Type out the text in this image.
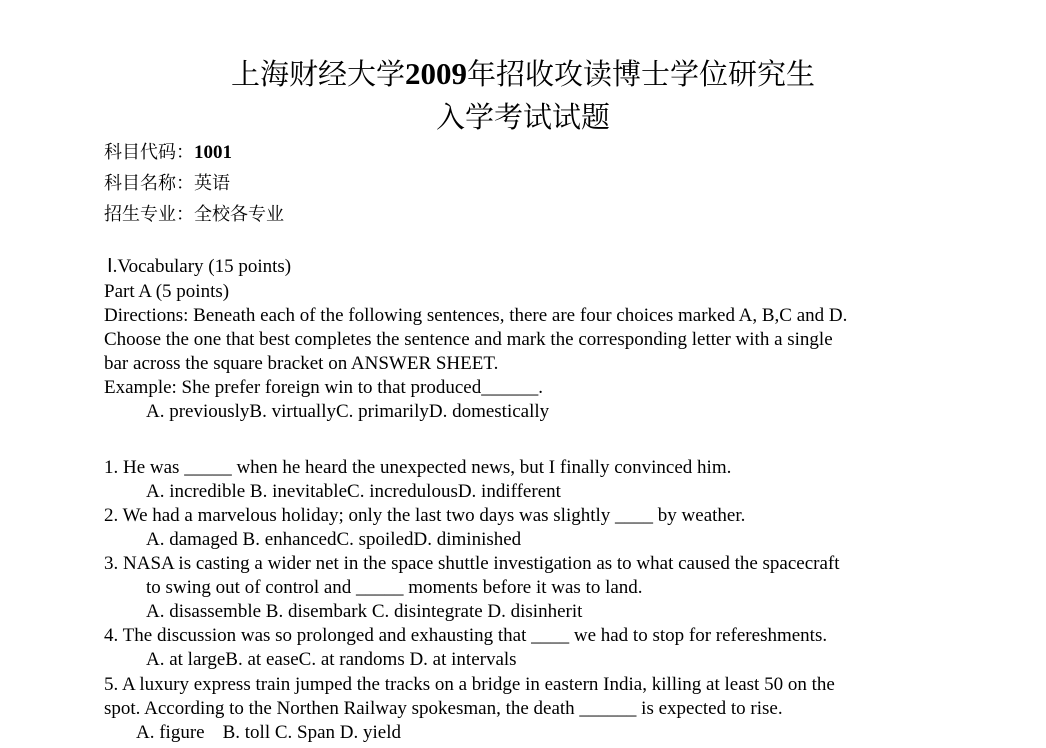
上海财经大学2009年招收攻读博士学位研究生
入学考试试题
科目代码：1001
科目名称：英语
招生专业：全校各专业
Ⅰ.Vocabulary (15 points)
Part A (5 points)
Directions: Beneath each of the following sentences, there are four choices marked A, B,C and D.
Choose the one that best completes the sentence and mark the corresponding letter with a single
bar across the square bracket on ANSWER SHEET.
Example: She prefer foreign win to that produced______.
A. previouslyB. virtuallyC. primarilyD. domestically
1. He was _____ when he heard the unexpected news, but I finally convinced him.
A. incredible B. inevitableC. incredulousD. indifferent
2. We had a marvelous holiday; only the last two days was slightly ____ by weather.
A. damaged B. enhancedC. spoiledD. diminished
3. NASA is casting a wider net in the space shuttle investigation as to what caused the spacecraft
to swing out of control and _____ moments before it was to land.
A. disassemble B. disembark C. disintegrate D. disinherit
4. The discussion was so prolonged and exhausting that ____ we had to stop for refereshments.
A. at largeB. at easeC. at randoms D. at intervals
5. A luxury express train jumped the tracks on a bridge in eastern India, killing at least 50 on the
spot. According to the Northen Railway spokesman, the death ______ is expected to rise.
A. figure B. toll C. Span D. yield
